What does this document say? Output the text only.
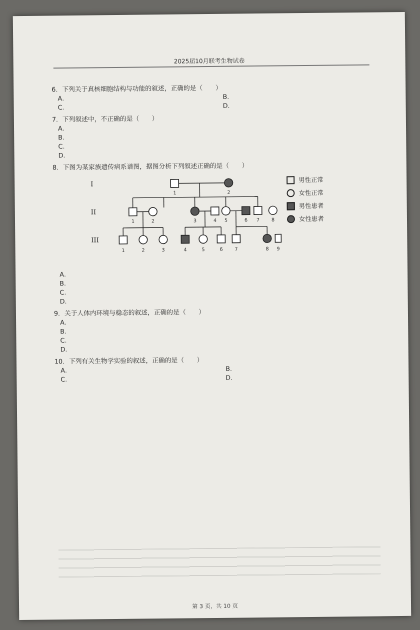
2025届10月联考生物试卷
6．下列关于真核细胞结构与功能的叙述，正确的是（　　）
A．	B．
C．	D．
7．下列叙述中，不正确的是（　　）
A．
B．
C．
D．
8．下图为某家族遗传病系谱图，据图分析下列叙述正确的是（　　）
I
II
III
1	2
1	2	3	4 5	6 7 8
1	2	3	4	5	6 7	8 9
男性正常
女性正常
男性患者
女性患者
A．
B．
C．
D．
9．关于人体内环境与稳态的叙述，正确的是（　　）
A．
B．
C．
D．
10．下列有关生物学实验的叙述，正确的是（　　）
A．	B．
C．	D．
第 3 页，共 10 页
